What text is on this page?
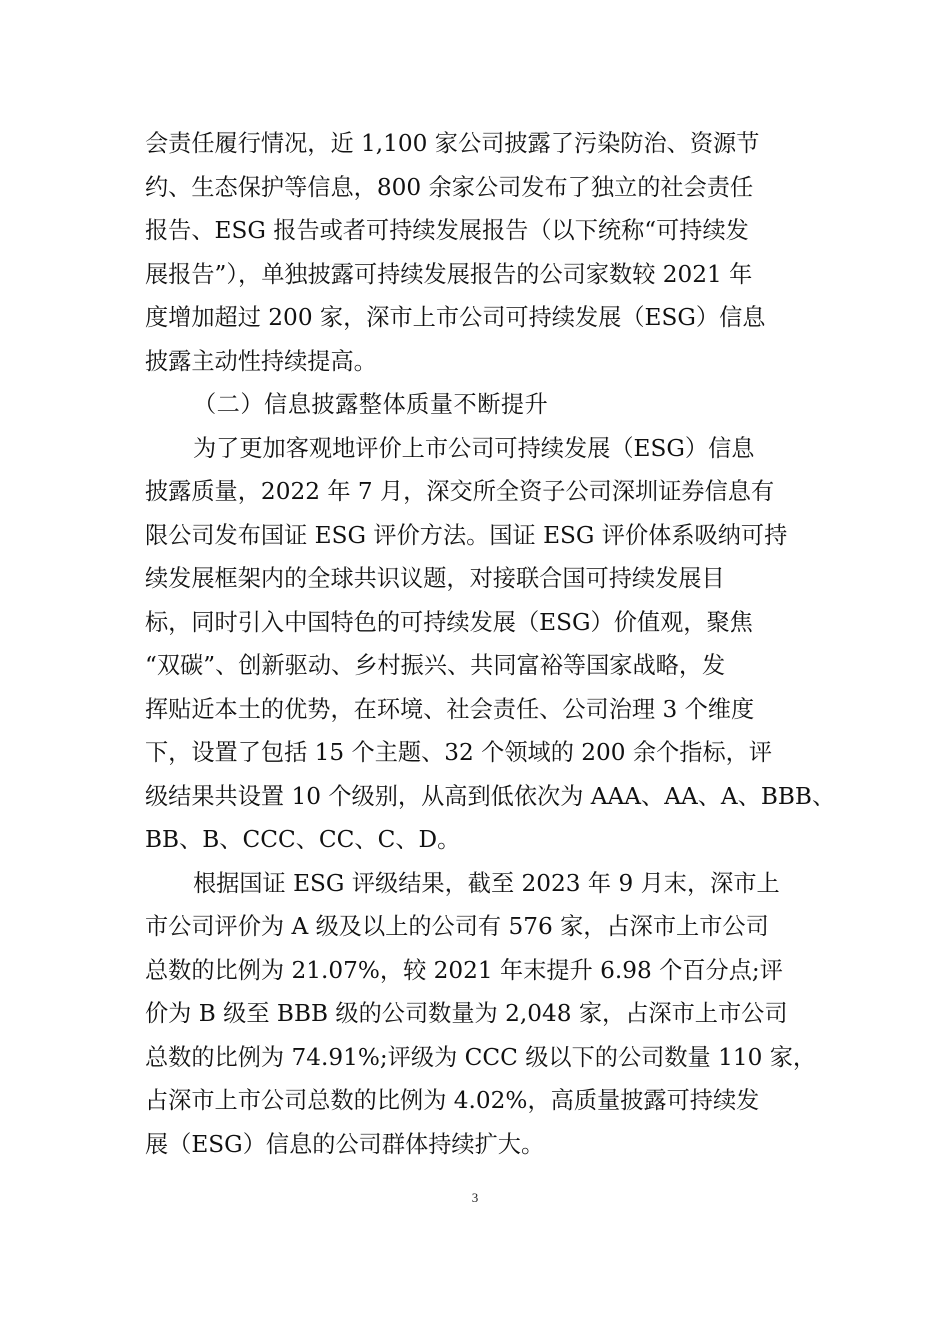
会责任履行情况，近 1,100 家公司披露了污染防治、资源节
约、生态保护等信息，800 余家公司发布了独立的社会责任
报告、ESG 报告或者可持续发展报告（以下统称“可持续发
展报告”），单独披露可持续发展报告的公司家数较 2021 年
度增加超过 200 家，深市上市公司可持续发展（ESG）信息
披露主动性持续提高。
（二）信息披露整体质量不断提升
为了更加客观地评价上市公司可持续发展（ESG）信息
披露质量，2022 年 7 月，深交所全资子公司深圳证券信息有
限公司发布国证 ESG 评价方法。国证 ESG 评价体系吸纳可持
续发展框架内的全球共识议题，对接联合国可持续发展目
标，同时引入中国特色的可持续发展（ESG）价值观，聚焦
“双碳”、创新驱动、乡村振兴、共同富裕等国家战略，发
挥贴近本土的优势，在环境、社会责任、公司治理 3 个维度
下，设置了包括 15 个主题、32 个领域的 200 余个指标，评
级结果共设置 10 个级别，从高到低依次为 AAA、AA、A、BBB、
BB、B、CCC、CC、C、D。
根据国证 ESG 评级结果，截至 2023 年 9 月末，深市上
市公司评价为 A 级及以上的公司有 576 家，占深市上市公司
总数的比例为 21.07%，较 2021 年末提升 6.98 个百分点;评
价为 B 级至 BBB 级的公司数量为 2,048 家，占深市上市公司
总数的比例为 74.91%;评级为 CCC 级以下的公司数量 110 家，
占深市上市公司总数的比例为 4.02%，高质量披露可持续发
展（ESG）信息的公司群体持续扩大。
3
